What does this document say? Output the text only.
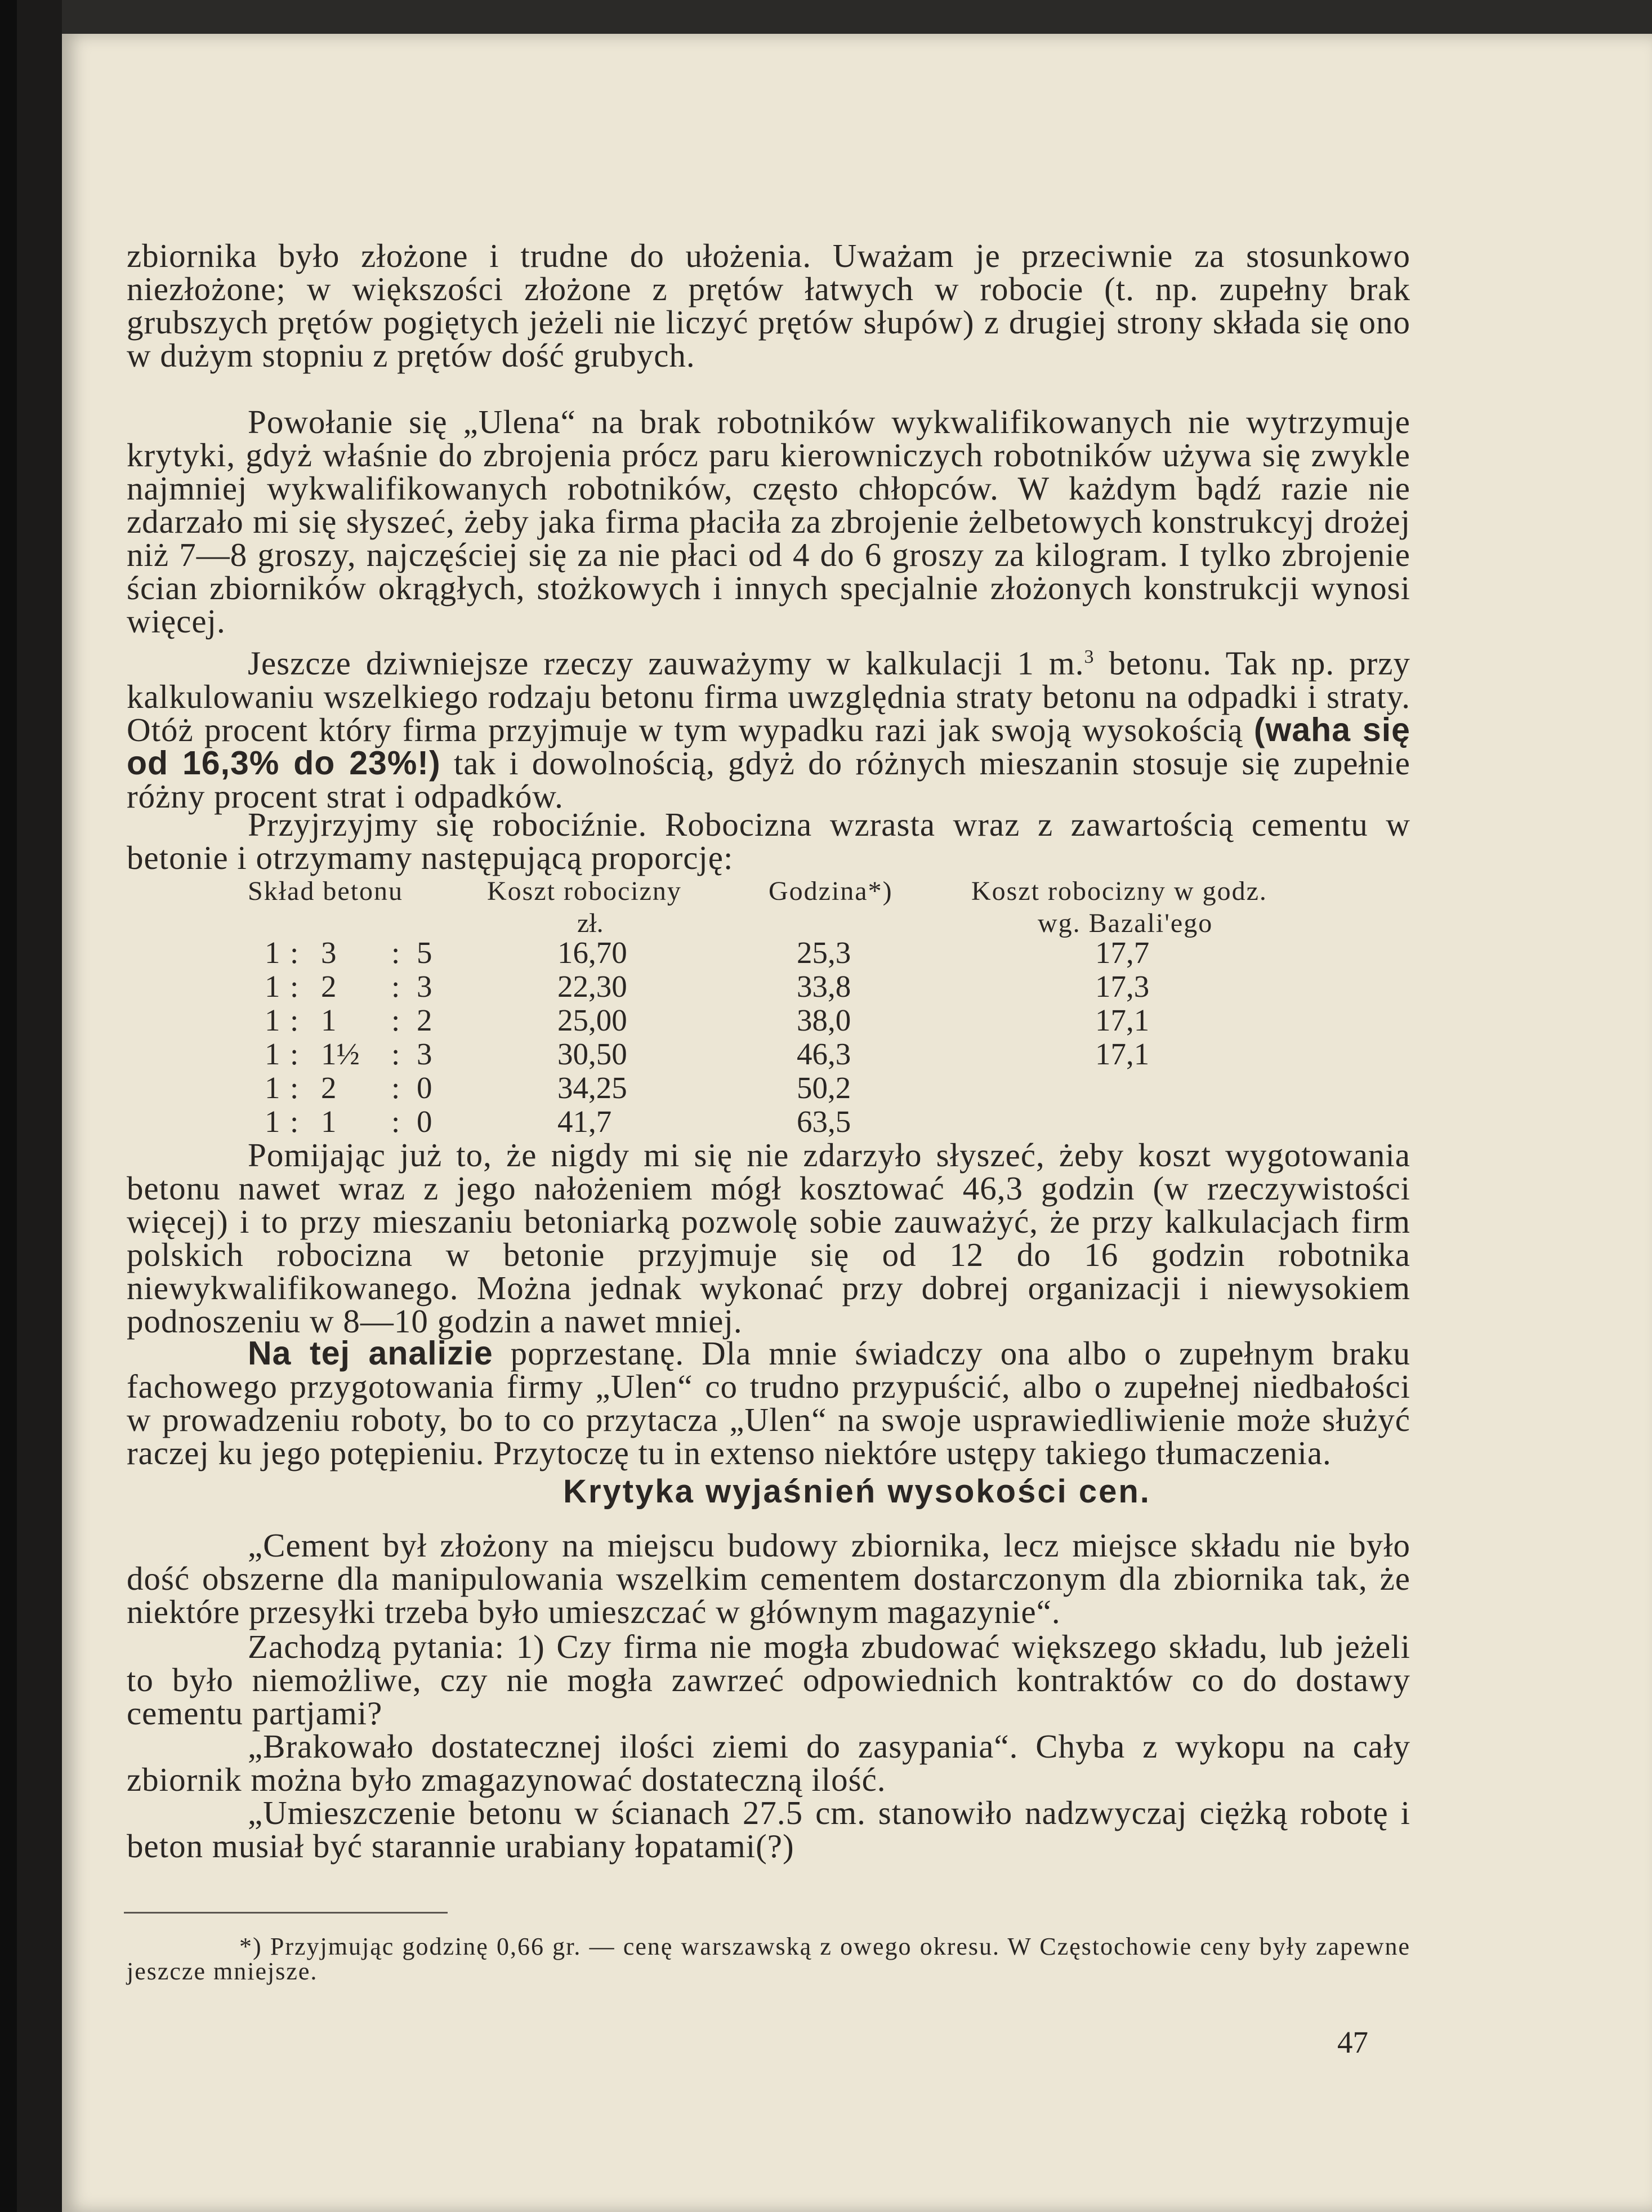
zbiornika było złożone i trudne do ułożenia. Uważam je przeciwnie za stosunkowo niezłożone; w większości złożone z prętów łatwych w robocie (t. np. zupełny brak grubszych prętów pogiętych jeżeli nie liczyć prętów słupów) z drugiej strony składa się ono w dużym stopniu z prętów dość grubych.

Powołanie się „Ulena“ na brak robotników wykwalifikowanych nie wytrzymuje krytyki, gdyż właśnie do zbrojenia prócz paru kierowniczych robotników używa się zwykle najmniej wykwalifikowanych robotników, często chłopców. W każdym bądź razie nie zdarzało mi się słyszeć, żeby jaka firma płaciła za zbrojenie żelbetowych konstrukcyj drożej niż 7—8 groszy, najczęściej się za nie płaci od 4 do 6 groszy za kilogram. I tylko zbrojenie ścian zbiorników okrągłych, stożkowych i innych specjalnie złożonych konstrukcji wynosi więcej.

Jeszcze dziwniejsze rzeczy zauważymy w kalkulacji 1 m.$^3$ betonu. Tak np. przy kalkulowaniu wszelkiego rodzaju betonu firma uwzględnia straty betonu na odpadki i straty. Otóż procent który firma przyjmuje w tym wypadku razi jak swoją wysokością (waha się od 16,3% do 23%!) tak i dowolnością, gdyż do różnych mieszanin stosuje się zupełnie różny procent strat i odpadków.

Przyjrzyjmy się robociźnie. Robocizna wzrasta wraz z zawartością cementu w betonie i otrzymamy następującą proporcję:

Skład betonu	Koszt robocizny	Godzina*)	Koszt robocizny w godz.
zł.	wg. Bazali'ego
1 : 3 : 5	16,70	25,3	17,7
1 : 2 : 3	22,30	33,8	17,3
1 : 1 : 2	25,00	38,0	17,1
1 : 1½ : 3	30,50	46,3	17,1
1 : 2 : 0	34,25	50,2
1 : 1 : 0	41,7	63,5

Pomijając już to, że nigdy mi się nie zdarzyło słyszeć, żeby koszt wygotowania betonu nawet wraz z jego nałożeniem mógł kosztować 46,3 godzin (w rzeczywistości więcej) i to przy mieszaniu betoniarką pozwolę sobie zauważyć, że przy kalkulacjach firm polskich robocizna w betonie przyjmuje się od 12 do 16 godzin robotnika niewykwalifikowanego. Można jednak wykonać przy dobrej organizacji i niewysokiem podnoszeniu w 8—10 godzin a nawet mniej.

Na tej analizie poprzestanę. Dla mnie świadczy ona albo o zupełnym braku fachowego przygotowania firmy „Ulen“ co trudno przypuścić, albo o zupełnej niedbałości w prowadzeniu roboty, bo to co przytacza „Ulen“ na swoje usprawiedliwienie może służyć raczej ku jego potępieniu. Przytoczę tu in extenso niektóre ustępy takiego tłumaczenia.

Krytyka wyjaśnień wysokości cen.

„Cement był złożony na miejscu budowy zbiornika, lecz miejsce składu nie było dość obszerne dla manipulowania wszelkim cementem dostarczonym dla zbiornika tak, że niektóre przesyłki trzeba było umieszczać w głównym magazynie“.

Zachodzą pytania: 1) Czy firma nie mogła zbudować większego składu, lub jeżeli to było niemożliwe, czy nie mogła zawrzeć odpowiednich kontraktów co do dostawy cementu partjami?

„Brakowało dostatecznej ilości ziemi do zasypania“. Chyba z wykopu na cały zbiornik można było zmagazynować dostateczną ilość.

„Umieszczenie betonu w ścianach 27.5 cm. stanowiło nadzwyczaj ciężką robotę i beton musiał być starannie urabiany łopatami(?)

*) Przyjmując godzinę 0,66 gr. — cenę warszawską z owego okresu. W Częstochowie ceny były zapewne jeszcze mniejsze.

47
